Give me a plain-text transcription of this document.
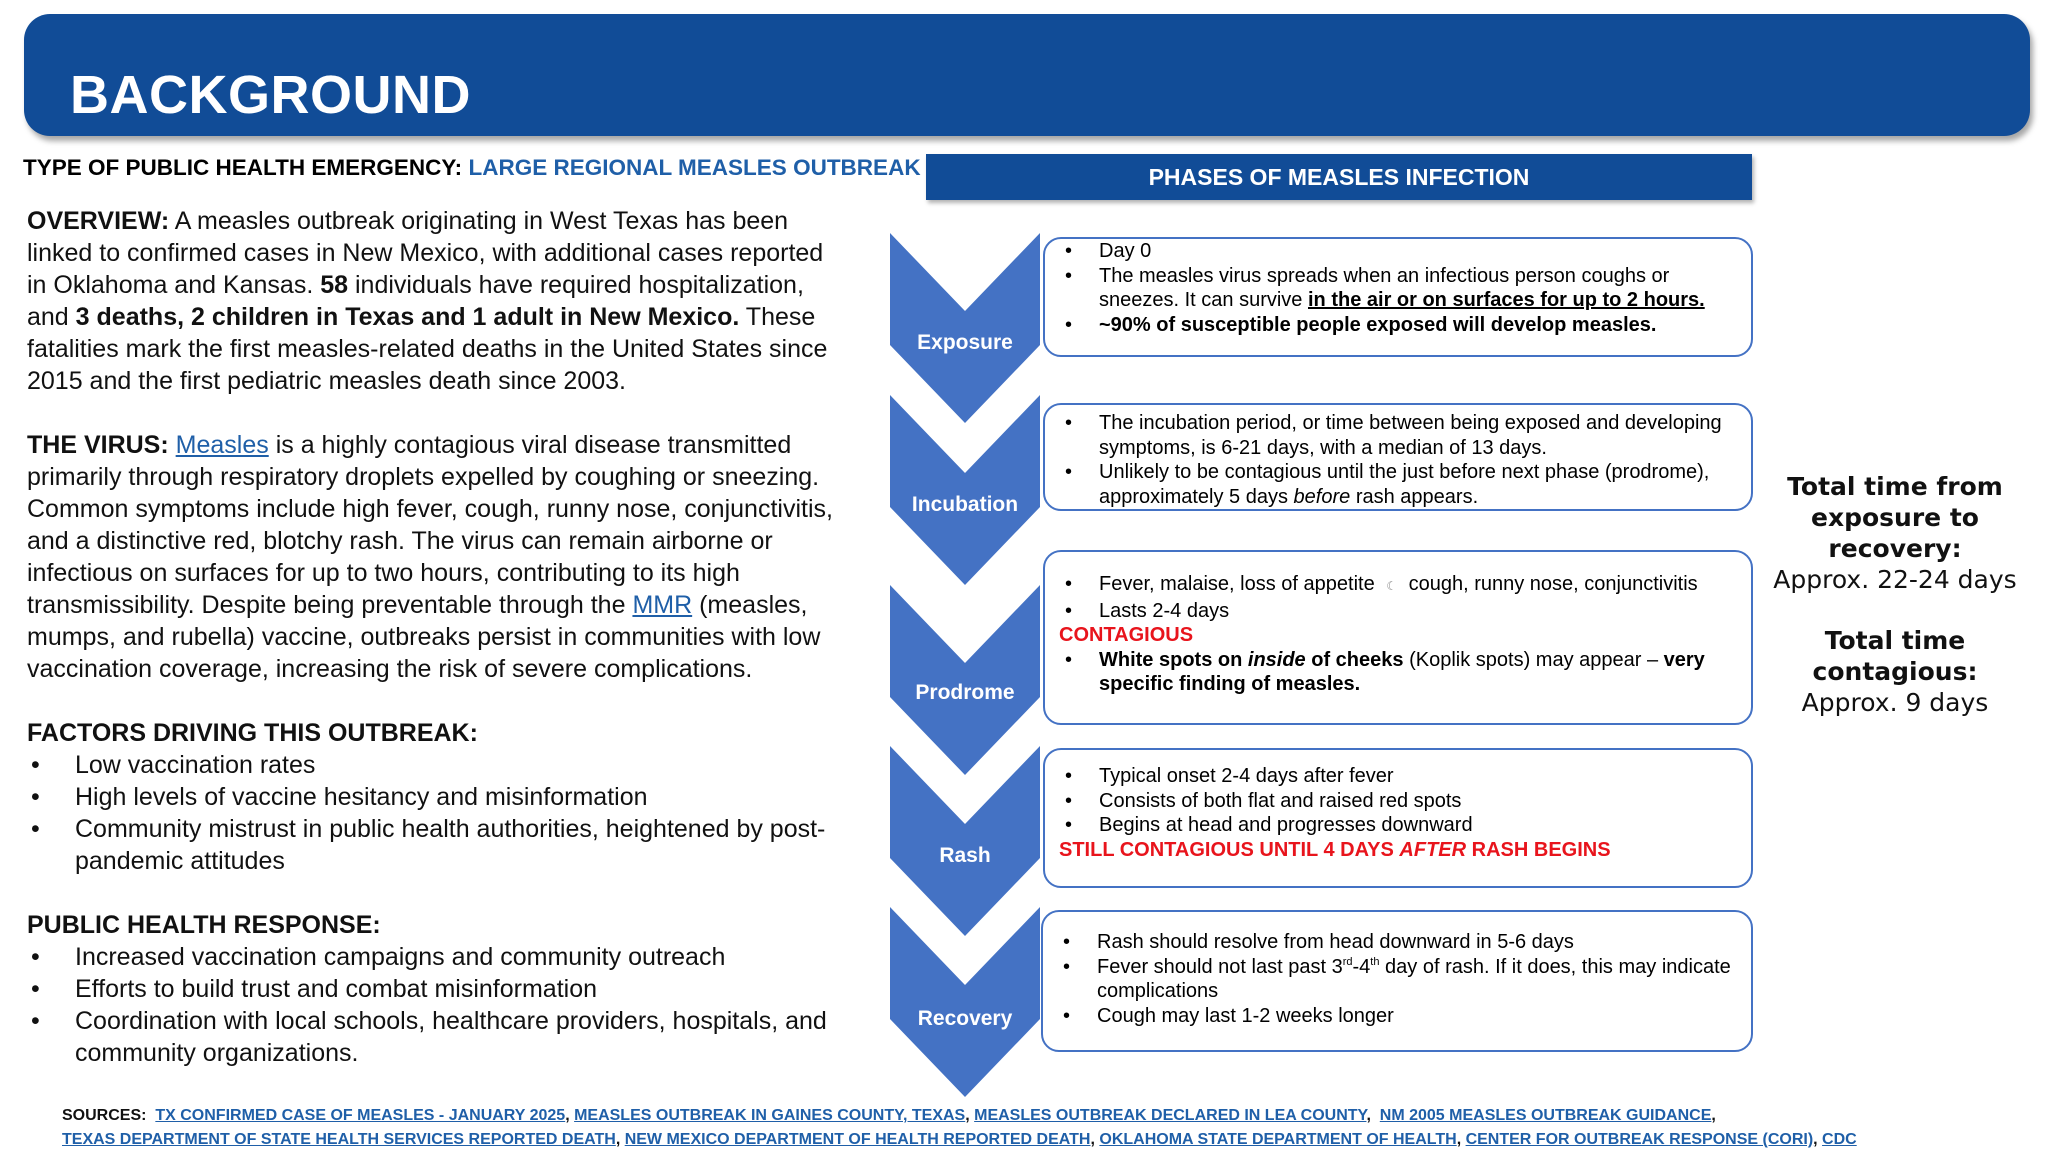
BACKGROUND
TYPE OF PUBLIC HEALTH EMERGENCY: LARGE REGIONAL MEASLES OUTBREAK

OVERVIEW: A measles outbreak originating in West Texas has been linked to confirmed cases in New Mexico, with additional cases reported in Oklahoma and Kansas. 58 individuals have required hospitalization, and 3 deaths, 2 children in Texas and 1 adult in New Mexico. These fatalities mark the first measles-related deaths in the United States since 2015 and the first pediatric measles death since 2003.

THE VIRUS: Measles is a highly contagious viral disease transmitted primarily through respiratory droplets expelled by coughing or sneezing. Common symptoms include high fever, cough, runny nose, conjunctivitis, and a distinctive red, blotchy rash. The virus can remain airborne or infectious on surfaces for up to two hours, contributing to its high transmissibility. Despite being preventable through the MMR (measles, mumps, and rubella) vaccine, outbreaks persist in communities with low vaccination coverage, increasing the risk of severe complications.

FACTORS DRIVING THIS OUTBREAK:

• Low vaccination rates
• High levels of vaccine hesitancy and misinformation
• Community mistrust in public health authorities, heightened by post-pandemic attitudes

PUBLIC HEALTH RESPONSE:

• Increased vaccination campaigns and community outreach
• Efforts to build trust and combat misinformation
• Coordination with local schools, healthcare providers, hospitals, and community organizations.
PHASES OF MEASLES INFECTION
Exposure
Incubation
Prodrome
Rash
Recovery
• Day 0
• The measles virus spreads when an infectious person coughs or sneezes. It can survive in the air or on surfaces for up to 2 hours.
• ~90% of susceptible people exposed will develop measles.
• The incubation period, or time between being exposed and developing symptoms, is 6-21 days, with a median of 13 days.
• Unlikely to be contagious until the just before next phase (prodrome), approximately 5 days before rash appears.
• Fever, malaise, loss of appetite ☾ cough, runny nose, conjunctivitis
• Lasts 2-4 days
CONTAGIOUS
• White spots on inside of cheeks (Koplik spots) may appear – very specific finding of measles.
• Typical onset 2-4 days after fever
• Consists of both flat and raised red spots
• Begins at head and progresses downward
STILL CONTAGIOUS UNTIL 4 DAYS AFTER RASH BEGINS
• Rash should resolve from head downward in 5-6 days
• Fever should not last past 3rd-4th day of rash. If it does, this may indicate complications
• Cough may last 1-2 weeks longer
Total time from exposure to recovery:
Approx. 22-24 days
Total time contagious:
Approx. 9 days
SOURCES: TX CONFIRMED CASE OF MEASLES - JANUARY 2025, MEASLES OUTBREAK IN GAINES COUNTY, TEXAS, MEASLES OUTBREAK DECLARED IN LEA COUNTY,  NM 2005 MEASLES OUTBREAK GUIDANCE,
TEXAS DEPARTMENT OF STATE HEALTH SERVICES REPORTED DEATH, NEW MEXICO DEPARTMENT OF HEALTH REPORTED DEATH, OKLAHOMA STATE DEPARTMENT OF HEALTH, CENTER FOR OUTBREAK RESPONSE (CORI), CDC
